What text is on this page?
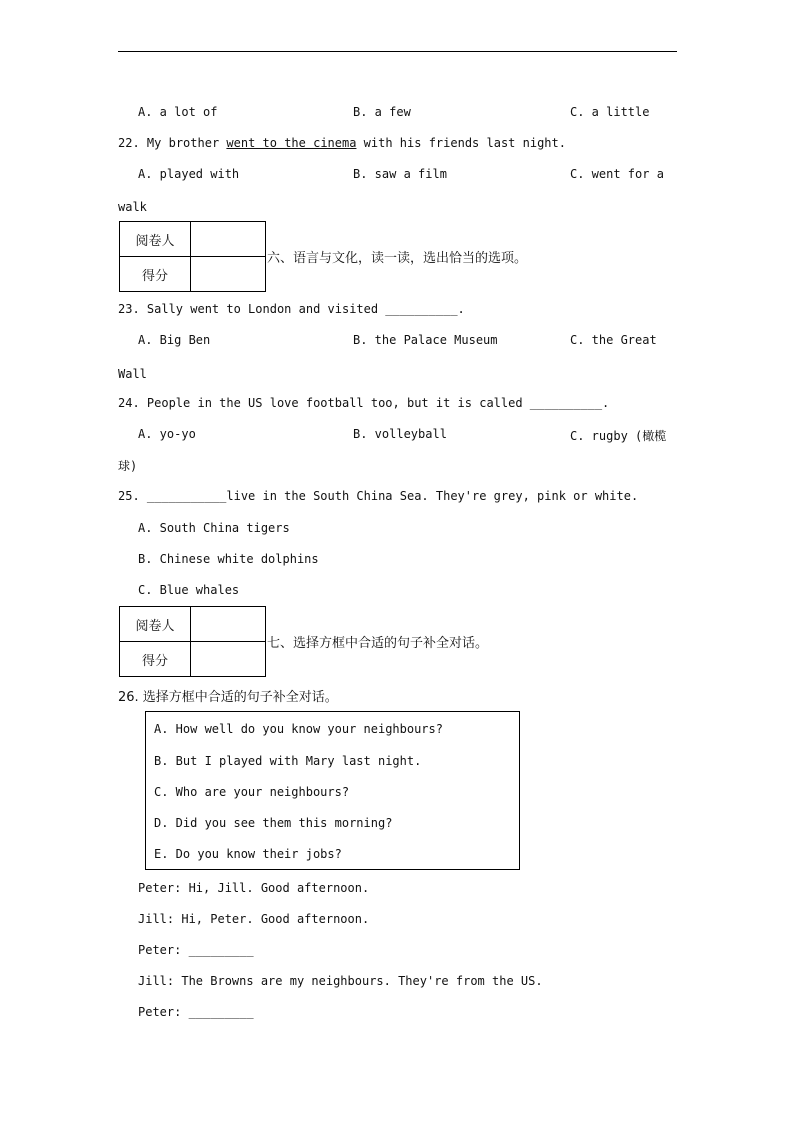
A. a lot of	B. a few	C. a little
22. My brother went to the cinema with his friends last night.
A. played with	B. saw a film	C. went for a
walk
阅卷人	
得分	
六、语言与文化，读一读，选出恰当的选项。
23. Sally went to London and visited __________.
A. Big Ben	B. the Palace Museum	C. the Great
Wall
24. People in the US love football too, but it is called __________.
A. yo-yo	B. volleyball	C. rugby (橄榄
球)
25. ___________live in the South China Sea. They're grey, pink or white.
A. South China tigers
B. Chinese white dolphins
C. Blue whales
阅卷人	
得分	
七、选择方框中合适的句子补全对话。
26. 选择方框中合适的句子补全对话。
A. How well do you know your neighbours?
B. But I played with Mary last night.
C. Who are your neighbours?
D. Did you see them this morning?
E. Do you know their jobs?
Peter: Hi, Jill. Good afternoon.
Jill: Hi, Peter. Good afternoon.
Peter: _________
Jill: The Browns are my neighbours. They're from the US.
Peter: _________
